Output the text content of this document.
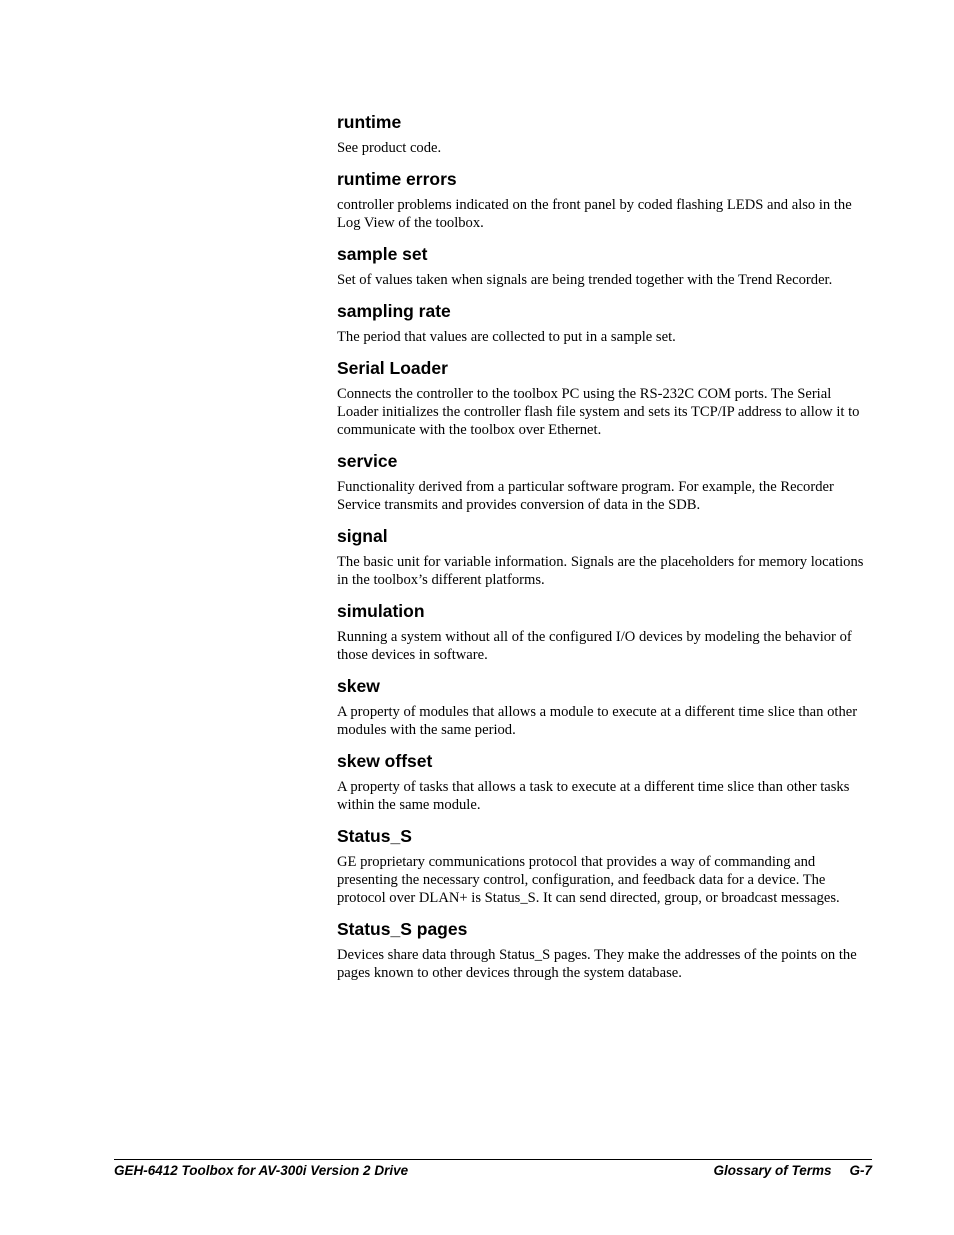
runtime

See product code.

runtime errors

controller problems indicated on the front panel by coded flashing LEDS and also in the Log View of the toolbox.

sample set

Set of values taken when signals are being trended together with the Trend Recorder.

sampling rate

The period that values are collected to put in a sample set.

Serial Loader

Connects the controller to the toolbox PC using the RS-232C COM ports. The Serial Loader initializes the controller flash file system and sets its TCP/IP address to allow it to communicate with the toolbox over Ethernet.

service

Functionality derived from a particular software program. For example, the Recorder Service transmits and provides conversion of data in the SDB.

signal

The basic unit for variable information. Signals are the placeholders for memory locations in the toolbox’s different platforms.

simulation

Running a system without all of the configured I/O devices by modeling the behavior of those devices in software.

skew

A property of modules that allows a module to execute at a different time slice than other modules with the same period.

skew offset

A property of tasks that allows a task to execute at a different time slice than other tasks within the same module.

Status_S

GE proprietary communications protocol that provides a way of commanding and presenting the necessary control, configuration, and feedback data for a device. The protocol over DLAN+ is Status_S. It can send directed, group, or broadcast messages.

Status_S pages

Devices share data through Status_S pages. They make the addresses of the points on the pages known to other devices through the system database.

GEH-6412 Toolbox for AV-300i Version 2 Drive	Glossary of Terms G-7
